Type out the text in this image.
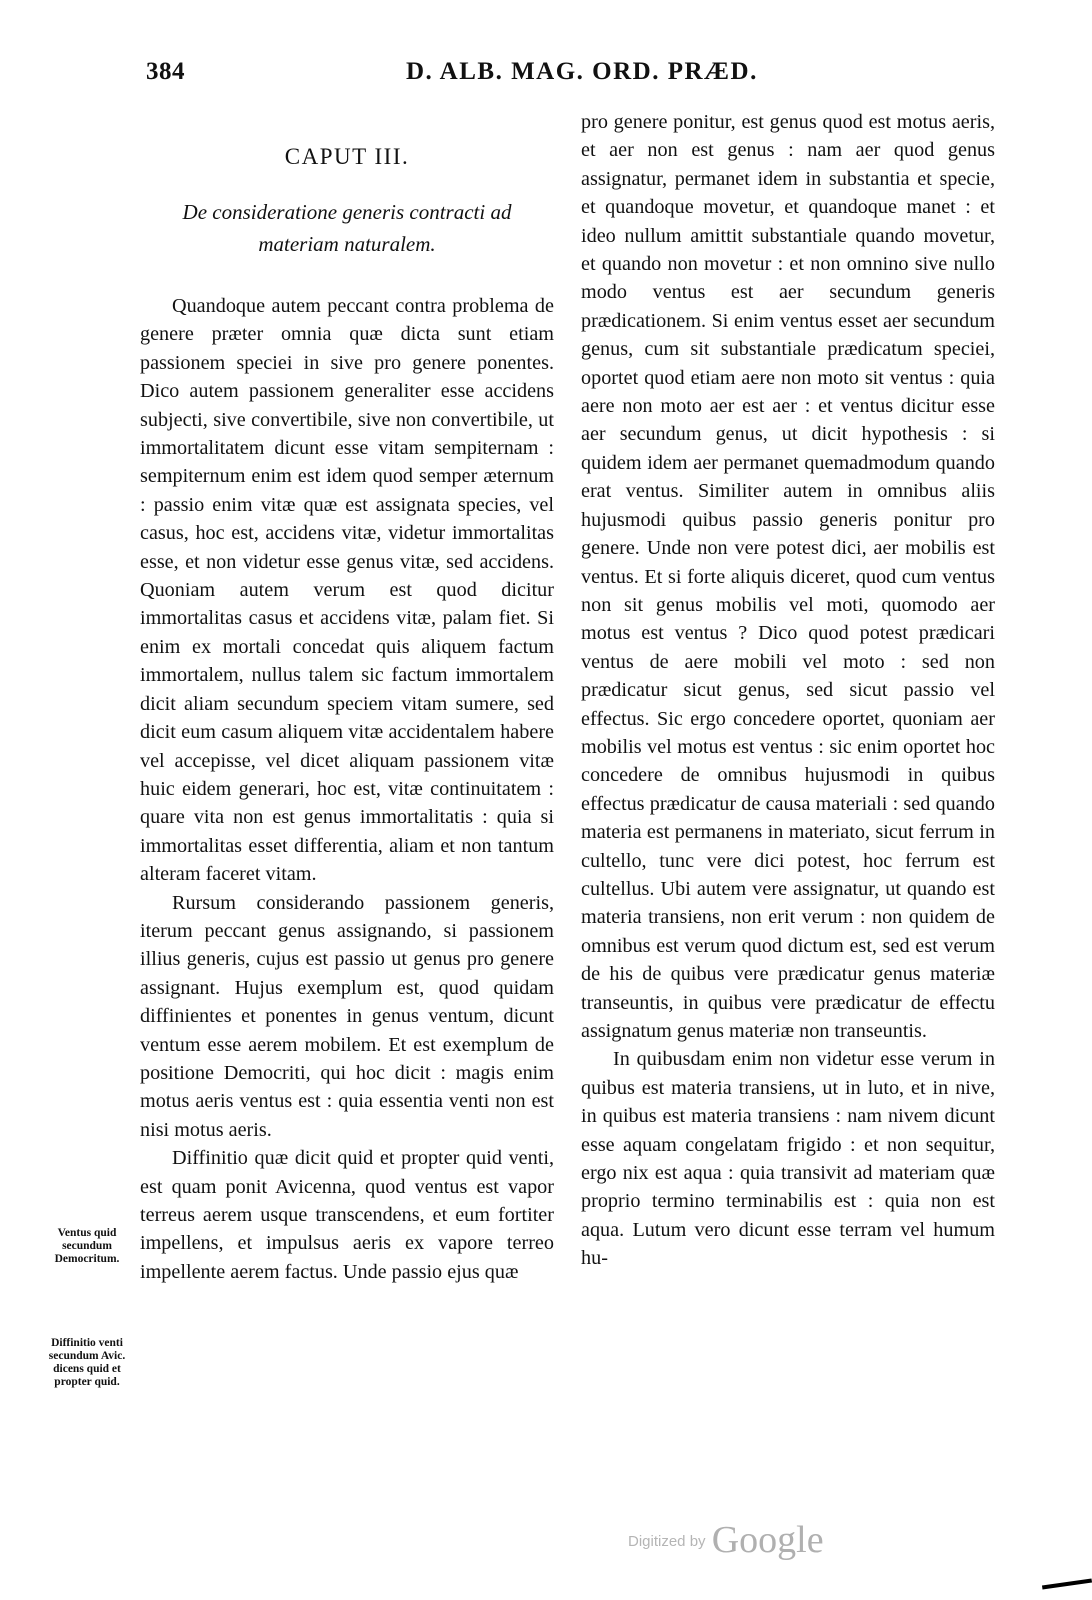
384	D. ALB. MAG. ORD. PRÆD.
CAPUT III.
De consideratione generis contracti ad materiam naturalem.

Quandoque autem peccant contra problema de genere præter omnia quæ dicta sunt etiam passionem speciei in sive pro genere ponentes. Dico autem passionem generaliter esse accidens subjecti, sive convertibile, sive non convertibile, ut immortalitatem dicunt esse vitam sempiternam : sempiternum enim est idem quod semper æternum : passio enim vitæ quæ est assignata species, vel casus, hoc est, accidens vitæ, videtur immortalitas esse, et non videtur esse genus vitæ, sed accidens. Quoniam autem verum est quod dicitur immortalitas casus et accidens vitæ, palam fiet. Si enim ex mortali concedat quis aliquem factum immortalem, nullus talem sic factum immortalem dicit aliam secundum speciem vitam sumere, sed dicit eum casum aliquem vitæ accidentalem habere vel accepisse, vel dicet aliquam passionem vitæ huic eidem generari, hoc est, vitæ continuitatem : quare vita non est genus immortalitatis : quia si immortalitas esset differentia, aliam et non tantum alteram faceret vitam.

Rursum considerando passionem generis, iterum peccant genus assignando, si passionem illius generis, cujus est passio ut genus pro genere assignant. Hujus exemplum est, quod quidam diffinientes et ponentes in genus ventum, dicunt ventum esse aerem mobilem. Et est exemplum de positione Democriti, qui hoc dicit : magis enim motus aeris ventus est : quia essentia venti non est nisi motus aeris.

Diffinitio quæ dicit quid et propter quid venti, est quam ponit Avicenna, quod ventus est vapor terreus aerem usque transcendens, et eum fortiter impellens, et impulsus aeris ex vapore terreo impellente aerem factus. Unde passio ejus quæ

pro genere ponitur, est genus quod est motus aeris, et aer non est genus : nam aer quod genus assignatur, permanet idem in substantia et specie, et quandoque movetur, et quandoque manet : et ideo nullum amittit substantiale quando movetur, et quando non movetur : et non omnino sive nullo modo ventus est aer secundum generis prædicationem. Si enim ventus esset aer secundum genus, cum sit substantiale prædicatum speciei, oportet quod etiam aere non moto sit ventus : quia aere non moto aer est aer : et ventus dicitur esse aer secundum genus, ut dicit hypothesis : si quidem idem aer permanet quemadmodum quando erat ventus. Similiter autem in omnibus aliis hujusmodi quibus passio generis ponitur pro genere. Unde non vere potest dici, aer mobilis est ventus. Et si forte aliquis diceret, quod cum ventus non sit genus mobilis vel moti, quomodo aer motus est ventus ? Dico quod potest prædicari ventus de aere mobili vel moto : sed non prædicatur sicut genus, sed sicut passio vel effectus. Sic ergo concedere oportet, quoniam aer mobilis vel motus est ventus : sic enim oportet hoc concedere de omnibus hujusmodi in quibus effectus prædicatur de causa materiali : sed quando materia est permanens in materiato, sicut ferrum in cultello, tunc vere dici potest, hoc ferrum est cultellus. Ubi autem vere assignatur, ut quando est materia transiens, non erit verum : non quidem de omnibus est verum quod dictum est, sed est verum de his de quibus vere prædicatur genus materiæ transeuntis, in quibus vere prædicatur de effectu assignatum genus materiæ non transeuntis.

In quibusdam enim non videtur esse verum in quibus est materia transiens, ut in luto, et in nive, in quibus est materia transiens : nam nivem dicunt esse aquam congelatam frigido : et non sequitur, ergo nix est aqua : quia transivit ad materiam quæ proprio termino terminabilis est : quia non est aqua. Lutum vero dicunt esse terram vel humum hu-

Ventus quid secundum Democritum.
Diffinitio venti secundum Avic. dicens quid et propter quid.
Digitized by Google
